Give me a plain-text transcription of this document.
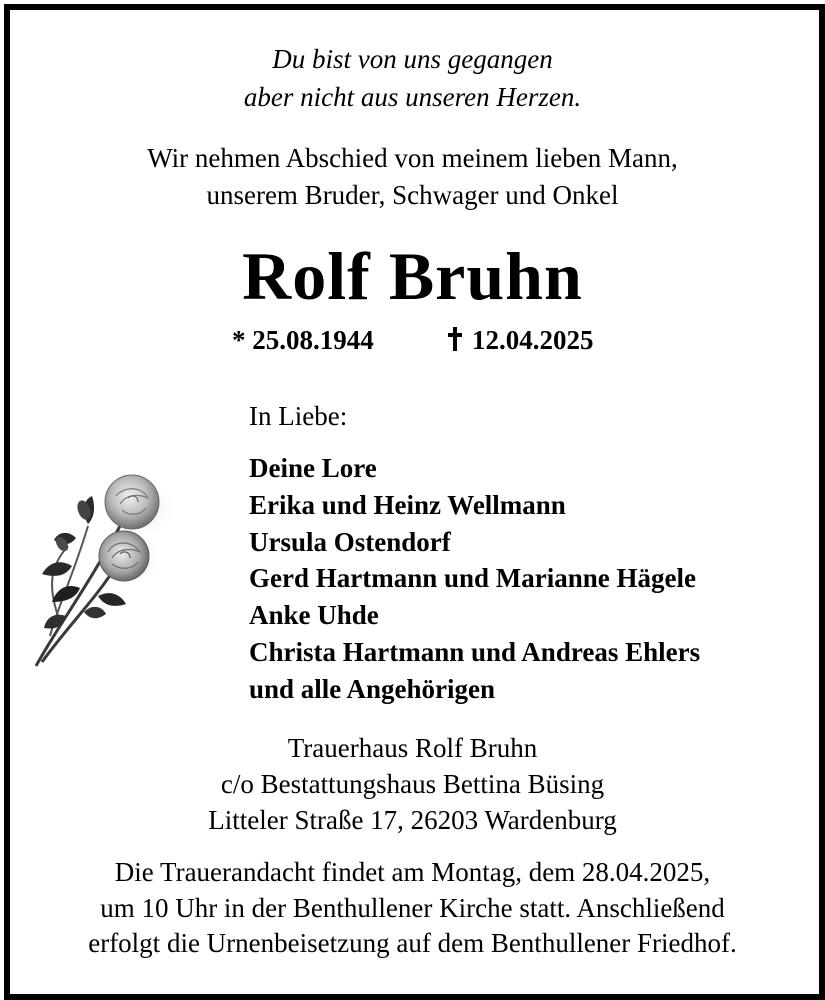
Du bist von uns gegangen
aber nicht aus unseren Herzen.
Wir nehmen Abschied von meinem lieben Mann,
unserem Bruder, Schwager und Onkel
Rolf Bruhn
* 25.08.1944	12.04.2025
In Liebe:
Deine Lore
Erika und Heinz Wellmann
Ursula Ostendorf
Gerd Hartmann und Marianne Hägele
Anke Uhde
Christa Hartmann und Andreas Ehlers
und alle Angehörigen
Trauerhaus Rolf Bruhn
c/o Bestattungshaus Bettina Büsing
Litteler Straße 17, 26203 Wardenburg
Die Trauerandacht findet am Montag, dem 28.04.2025,
um 10 Uhr in der Benthullener Kirche statt. Anschließend
erfolgt die Urnenbeisetzung auf dem Benthullener Friedhof.
